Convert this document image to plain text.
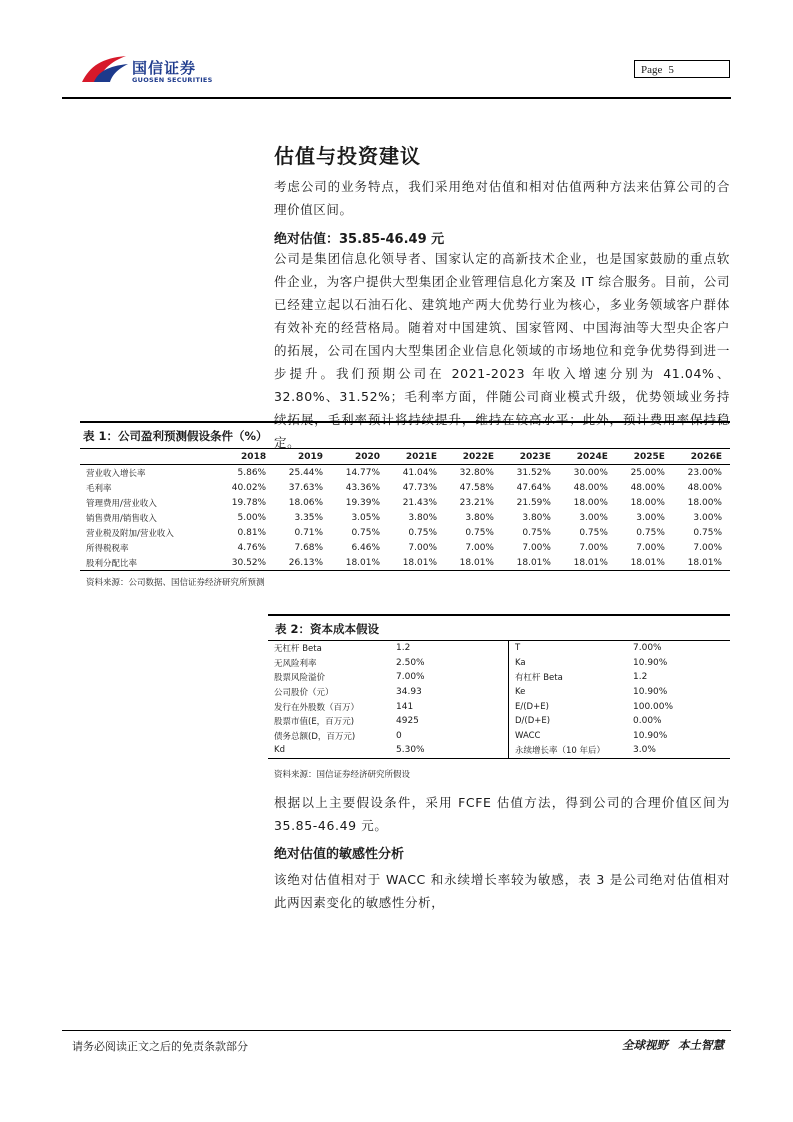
国信证券
GUOSEN SECURITIES
Page 5
估值与投资建议
考虑公司的业务特点，我们采用绝对估值和相对估值两种方法来估算公司的合理价值区间。
绝对估值：35.85-46.49 元
公司是集团信息化领导者、国家认定的高新技术企业，也是国家鼓励的重点软件企业，为客户提供大型集团企业管理信息化方案及 IT 综合服务。目前，公司已经建立起以石油石化、建筑地产两大优势行业为核心，多业务领域客户群体有效补充的经营格局。随着对中国建筑、国家管网、中国海油等大型央企客户的拓展，公司在国内大型集团企业信息化领域的市场地位和竞争优势得到进一步提升。我们预期公司在 2021-2023 年收入增速分别为 41.04%、32.80%、31.52%；毛利率方面，伴随公司商业模式升级，优势领域业务持续拓展，毛利率预计将持续提升，维持在较高水平；此外，预计费用率保持稳定。
表 1：公司盈利预测假设条件（%）
	2018	2019	2020	2021E	2022E	2023E	2024E	2025E	2026E
营业收入增长率	5.86%	25.44%	14.77%	41.04%	32.80%	31.52%	30.00%	25.00%	23.00%
毛利率	40.02%	37.63%	43.36%	47.73%	47.58%	47.64%	48.00%	48.00%	48.00%
管理费用/营业收入	19.78%	18.06%	19.39%	21.43%	23.21%	21.59%	18.00%	18.00%	18.00%
销售费用/销售收入	5.00%	3.35%	3.05%	3.80%	3.80%	3.80%	3.00%	3.00%	3.00%
营业税及附加/营业收入	0.81%	0.71%	0.75%	0.75%	0.75%	0.75%	0.75%	0.75%	0.75%
所得税税率	4.76%	7.68%	6.46%	7.00%	7.00%	7.00%	7.00%	7.00%	7.00%
股利分配比率	30.52%	26.13%	18.01%	18.01%	18.01%	18.01%	18.01%	18.01%	18.01%
资料来源：公司数据、国信证券经济研究所预测
表 2：资本成本假设
无杠杆 Beta	1.2	T	7.00%
无风险利率	2.50%	Ka	10.90%
股票风险溢价	7.00%	有杠杆 Beta	1.2
公司股价（元）	34.93	Ke	10.90%
发行在外股数（百万）	141	E/(D+E)	100.00%
股票市值(E，百万元)	4925	D/(D+E)	0.00%
债务总额(D，百万元)	0	WACC	10.90%
Kd	5.30%	永续增长率（10 年后）	3.0%
资料来源：国信证券经济研究所假设
根据以上主要假设条件，采用 FCFE 估值方法，得到公司的合理价值区间为 35.85-46.49 元。
绝对估值的敏感性分析
该绝对估值相对于 WACC 和永续增长率较为敏感，表 3 是公司绝对估值相对此两因素变化的敏感性分析，
请务必阅读正文之后的免责条款部分	全球视野 本土智慧
